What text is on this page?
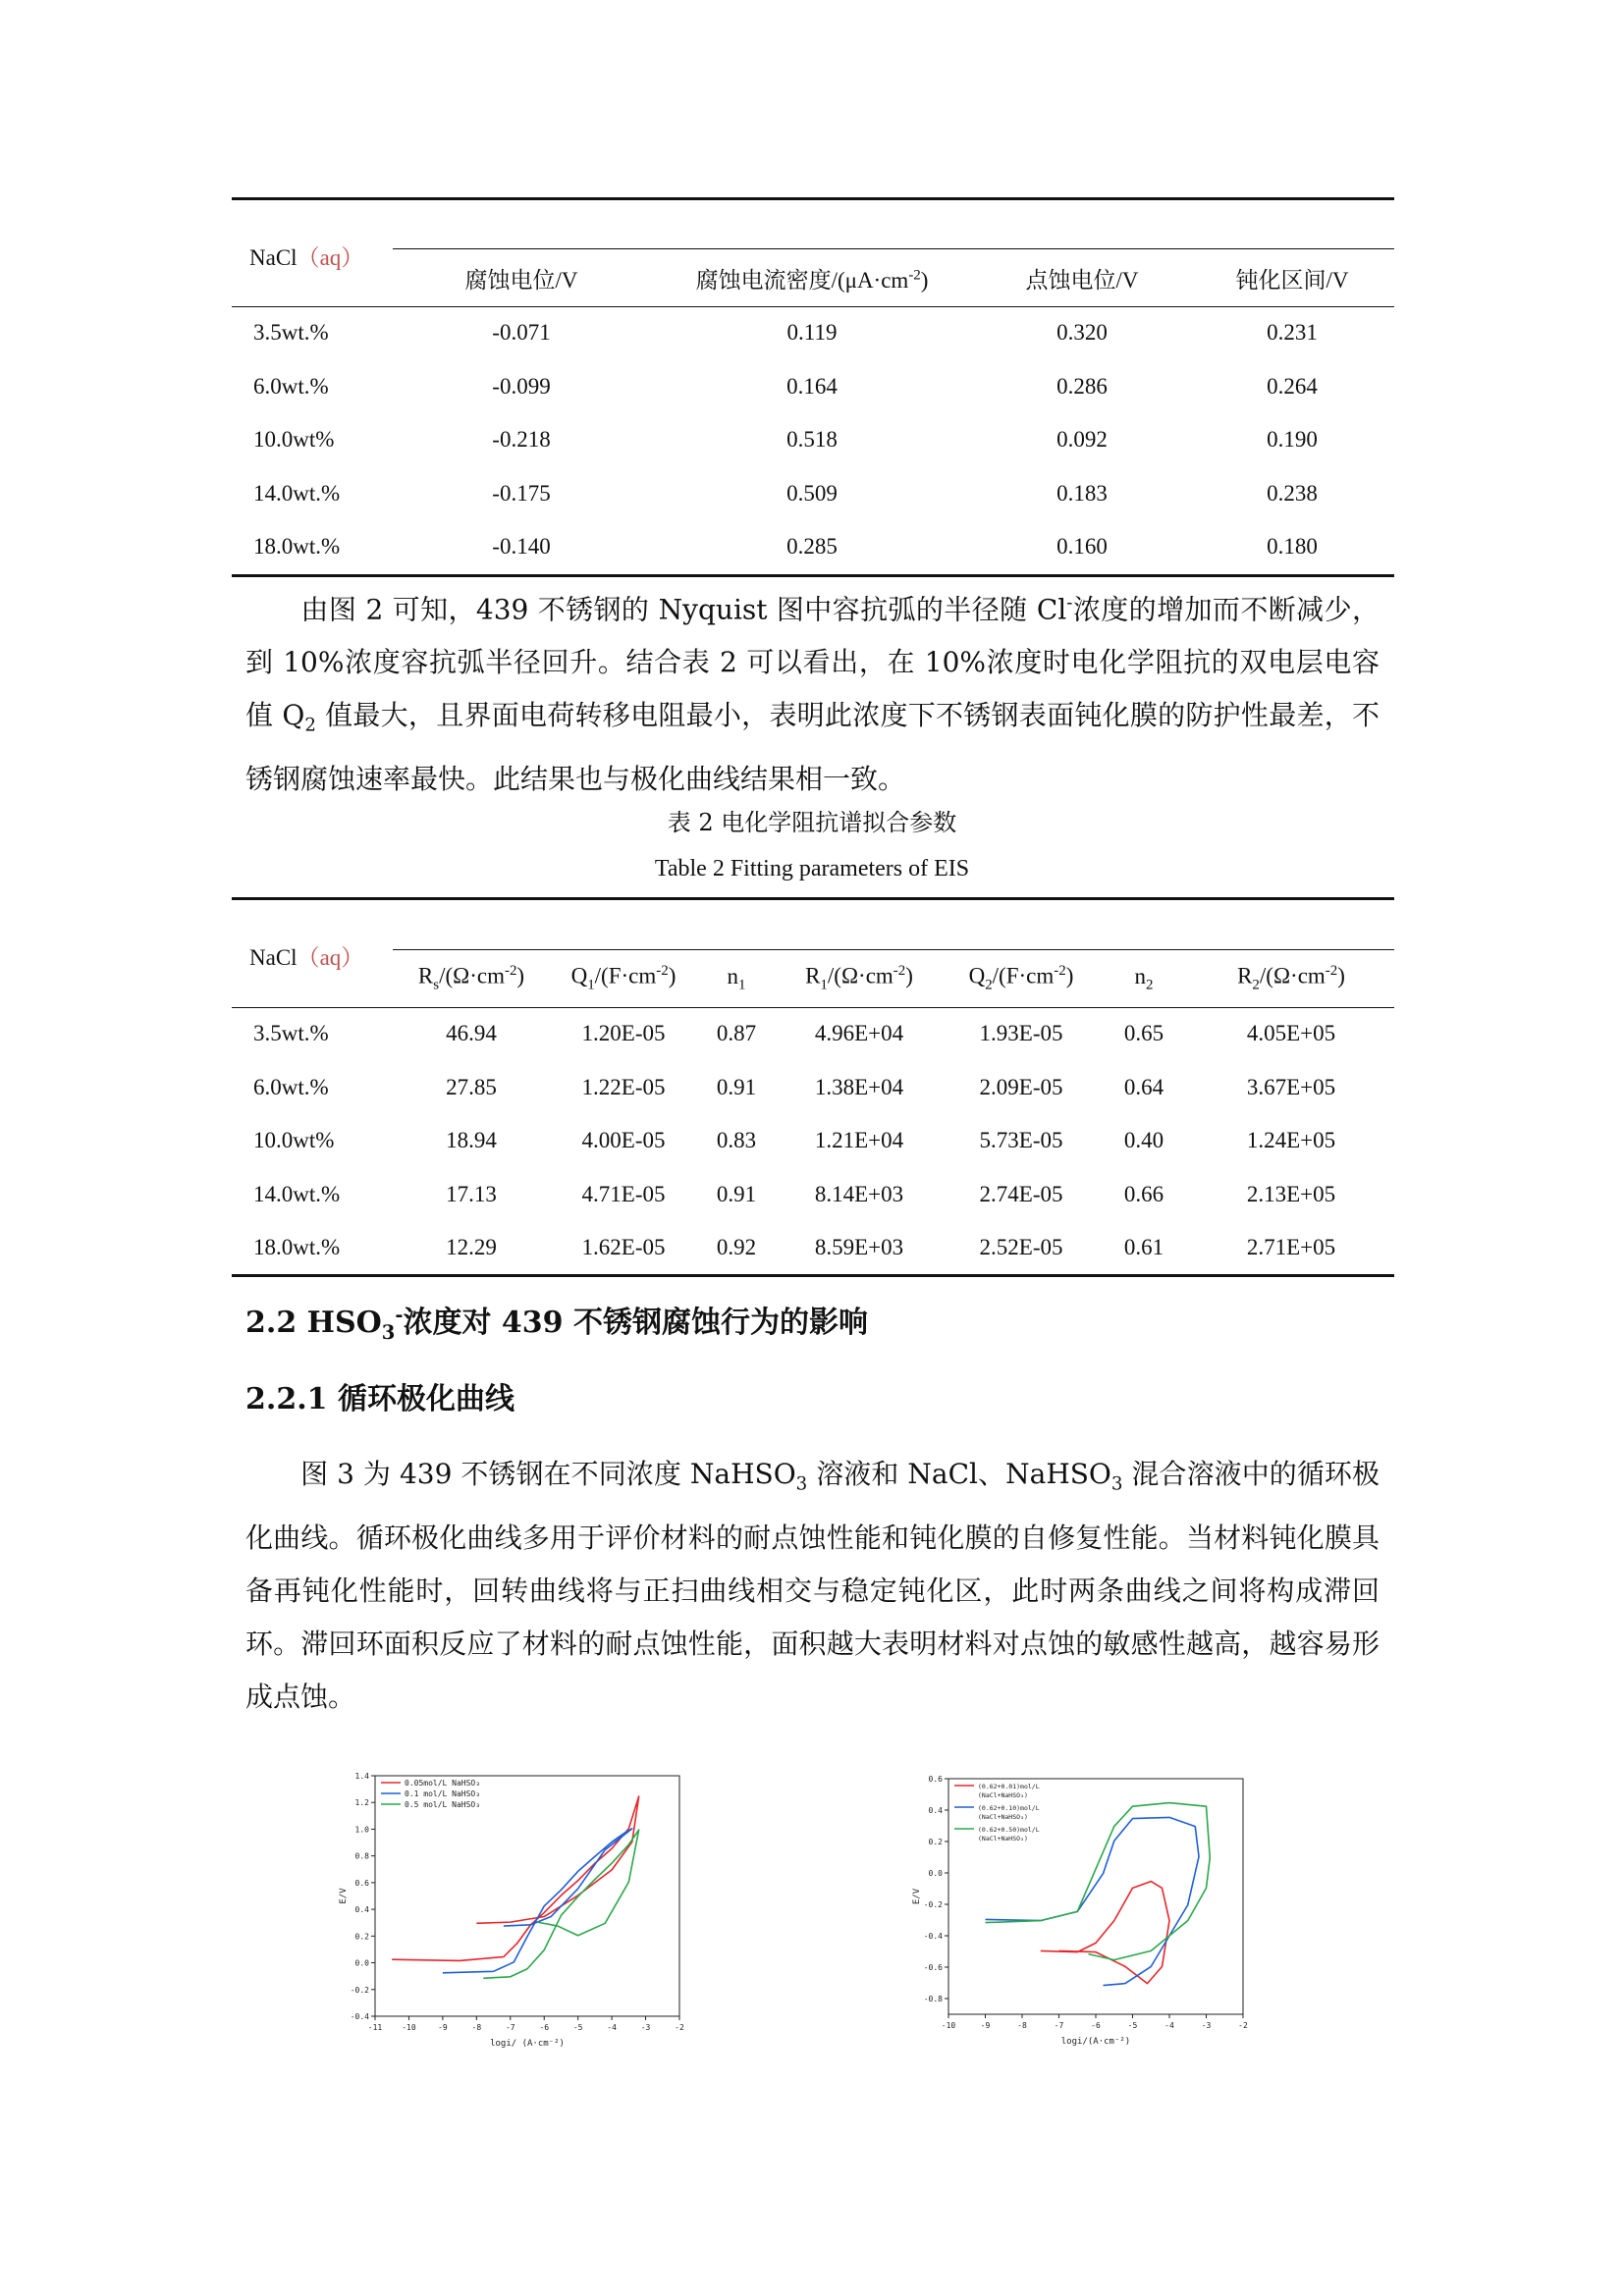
NaCl（aq）
	腐蚀电位/V	腐蚀电流密度$/(\mu A\cdot cm^{-2})$	点蚀电位/V	钝化区间/V
3.5wt.%	-0.071	0.119	0.320	0.231
6.0wt.%	-0.099	0.164	0.286	0.264
10.0wt%	-0.218	0.518	0.092	0.190
14.0wt.%	-0.175	0.509	0.183	0.238
18.0wt.%	-0.140	0.285	0.160	0.180
由图 2 可知，439 不锈钢的 Nyquist 图中容抗弧的半径随 Cl-浓度的增加而不断减少，到 10%浓度容抗弧半径回升。结合表 2 可以看出，在 10%浓度时电化学阻抗的双电层电容值 $Q_2$ 值最大，且界面电荷转移电阻最小，表明此浓度下不锈钢表面钝化膜的防护性最差，不锈钢腐蚀速率最快。此结果也与极化曲线结果相一致。
表 2 电化学阻抗谱拟合参数
Table 2 Fitting parameters of EIS
NaCl（aq）
	$R_s/(\Omega\cdot cm^{-2})$	$Q_1/(F\cdot cm^{-2})$	$n_1$	$R_1/(\Omega\cdot cm^{-2})$	$Q_2/(F\cdot cm^{-2})$	$n_2$	$R_2/(\Omega\cdot cm^{-2})$
3.5wt.%	46.94	1.20E-05	0.87	4.96E+04	1.93E-05	0.65	4.05E+05
6.0wt.%	27.85	1.22E-05	0.91	1.38E+04	2.09E-05	0.64	3.67E+05
10.0wt%	18.94	4.00E-05	0.83	1.21E+04	5.73E-05	0.40	1.24E+05
14.0wt.%	17.13	4.71E-05	0.91	8.14E+03	2.74E-05	0.66	2.13E+05
18.0wt.%	12.29	1.62E-05	0.92	8.59E+03	2.52E-05	0.61	2.71E+05
2.2 $HSO_3^-$浓度对 439 不锈钢腐蚀行为的影响
2.2.1 循环极化曲线
图 3 为 439 不锈钢在不同浓度 NaHSO$_3$ 溶液和 NaCl、NaHSO$_3$ 混合溶液中的循环极化曲线。循环极化曲线多用于评价材料的耐点蚀性能和钝化膜的自修复性能。当材料钝化膜具备再钝化性能时，回转曲线将与正扫曲线相交与稳定钝化区，此时两条曲线之间将构成滞回环。滞回环面积反应了材料的耐点蚀性能，面积越大表明材料对点蚀的敏感性越高，越容易形成点蚀。
-11 -10	-9	-8	-7	-6	-5	-4	-3	-2
-0.4
-0.2
0.0
0.2
0.4
0.6
0.8
1.0
1.2
1.4
logi/ (A·cm⁻²)
E/V
0.05mol/L NaHSO₃
0.1 mol/L NaHSO₃
0.5 mol/L NaHSO₃
-10	-9	-8	-7	-6	-5	-4	-3	-2
-0.8
-0.6
-0.4
-0.2
0.0
0.2
0.4
0.6
logi/(A·cm⁻²)
E/V
(0.62+0.01)mol/L
(NaCl+NaHSO₃)
(0.62+0.10)mol/L
(NaCl+NaHSO₃)
(0.62+0.50)mol/L
(NaCl+NaHSO₃)
